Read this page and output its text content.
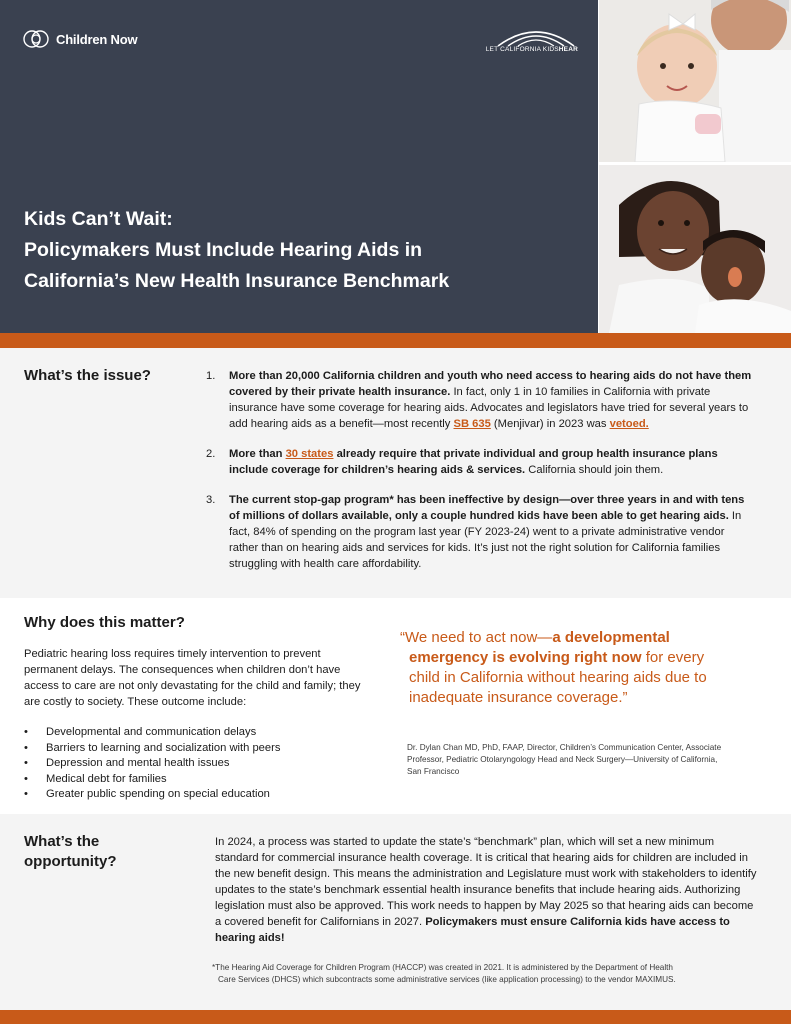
Children Now
LET CALIFORNIA KIDSHEAR
Kids Can’t Wait:
Policymakers Must Include Hearing Aids in
California’s New Health Insurance Benchmark
What’s the issue?	1. More than 20,000 California children and youth who need access to hearing aids do not have them covered by their private health insurance. In fact, only 1 in 10 families in California with private insurance have some coverage for hearing aids. Advocates and legislators have tried for several years to add hearing aids as a benefit—most recently SB 635 (Menjivar) in 2023 was vetoed.
2. More than 30 states already require that private individual and group health insurance plans include coverage for children’s hearing aids & services. California should join them.
3. The current stop-gap program* has been ineffective by design—over three years in and with tens of millions of dollars available, only a couple hundred kids have been able to get hearing aids. In fact, 84% of spending on the program last year (FY 2023-24) went to a private administrative vendor rather than on hearing aids and services for kids. It’s just not the right solution for California families struggling with health care affordability.
Why does this matter?

Pediatric hearing loss requires timely intervention to prevent permanent delays. The consequences when children don’t have access to care are not only devastating for the child and family; they are costly to society. These outcome include:

• Developmental and communication delays
• Barriers to learning and socialization with peers
• Depression and mental health issues
• Medical debt for families
• Greater public spending on special education
“We need to act now—a developmental
emergency is evolving right now for every
child in California without hearing aids due to
inadequate insurance coverage.”
Dr. Dylan Chan MD, PhD, FAAP, Director, Children’s Communication Center, Associate Professor, Pediatric Otolaryngology Head and Neck Surgery—University of California, San Francisco
What’s the
opportunity?

In 2024, a process was started to update the state’s “benchmark” plan, which will set a new minimum standard for commercial insurance health coverage. It is critical that hearing aids for children are included in the new benefit design. This means the administration and Legislature must work with stakeholders to identify updates to the state’s benchmark essential health insurance benefits that include hearing aids. Authorizing legislation must also be approved. This work needs to happen by May 2025 so that hearing aids can become a covered benefit for Californians in 2027. Policymakers must ensure California kids have access to hearing aids!

*The Hearing Aid Coverage for Children Program (HACCP) was created in 2021. It is administered by the Department of Health
Care Services (DHCS) which subcontracts some administrative services (like application processing) to the vendor MAXIMUS.
